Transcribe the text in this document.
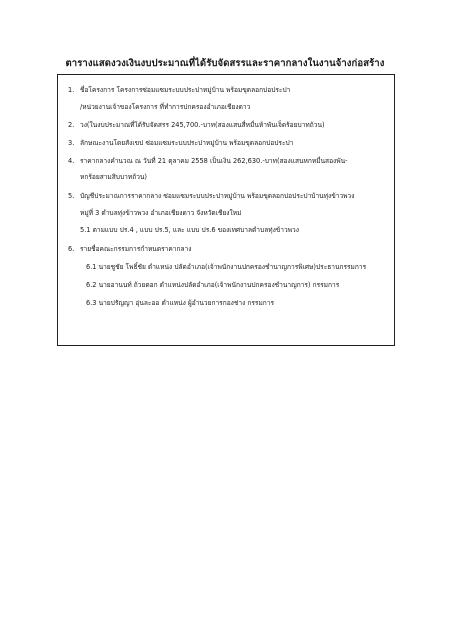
ตารางแสดงวงเงินงบประมาณที่ได้รับจัดสรรและราคากลางในงานจ้างก่อสร้าง
1. ชื่อโครงการ โครงการซ่อมแซมระบบประปาหมู่บ้าน พร้อมขุดลอกบ่อประปา
/หน่วยงานเจ้าของโครงการ ที่ทำการปกครองอำเภอเชียงดาว
2. วง(ในงบประมาณที่ได้รับจัดสรร 245,700.-บาท(สองแสนสี่หมื่นห้าพันเจ็ดร้อยบาทถ้วน)
3. ลักษณะงานโดยสังเขป ซ่อมแซมระบบประปาหมู่บ้าน พร้อมขุดลอกบ่อประปา
4. ราคากลางคำนวณ ณ วันที่ 21 ตุลาคม 2558 เป็นเงิน 262,630.-บาท(สองแสนหกหมื่นสองพัน-
หกร้อยสามสิบบาทถ้วน)
5. บัญชีประมาณการราคากลาง ซ่อมแซมระบบประปาหมู่บ้าน พร้อมขุดลอกบ่อประปาบ้านทุ่งข้าวพวง
หมู่ที่ 3 ตำบลทุ่งข้าวพวง อำเภอเชียงดาว จังหวัดเชียงใหม่
5.1 ตามแบบ ปร.4 , แบบ ปร.5, และ แบบ ปร.6 ของเทศบาลตำบลทุ่งข้าวพวง
6. รายชื่อคณะกรรมการกำหนดราคากลาง
6.1 นายชูชัย โพธิ์ชัย ตำแหน่ง ปลัดอำเภอ(เจ้าพนักงานปกครองชำนาญการพิเศษ)ประธานกรรมการ
6.2 นายอานนท์ ถ้วยดอก ตำแหน่งปลัดอำเภอ(เจ้าพนักงานปกครองชำนาญการ) กรรมการ
6.3 นายปรัญญา อุ่นละออ ตำแหน่ง ผู้อำนวยการกองช่าง กรรมการ
